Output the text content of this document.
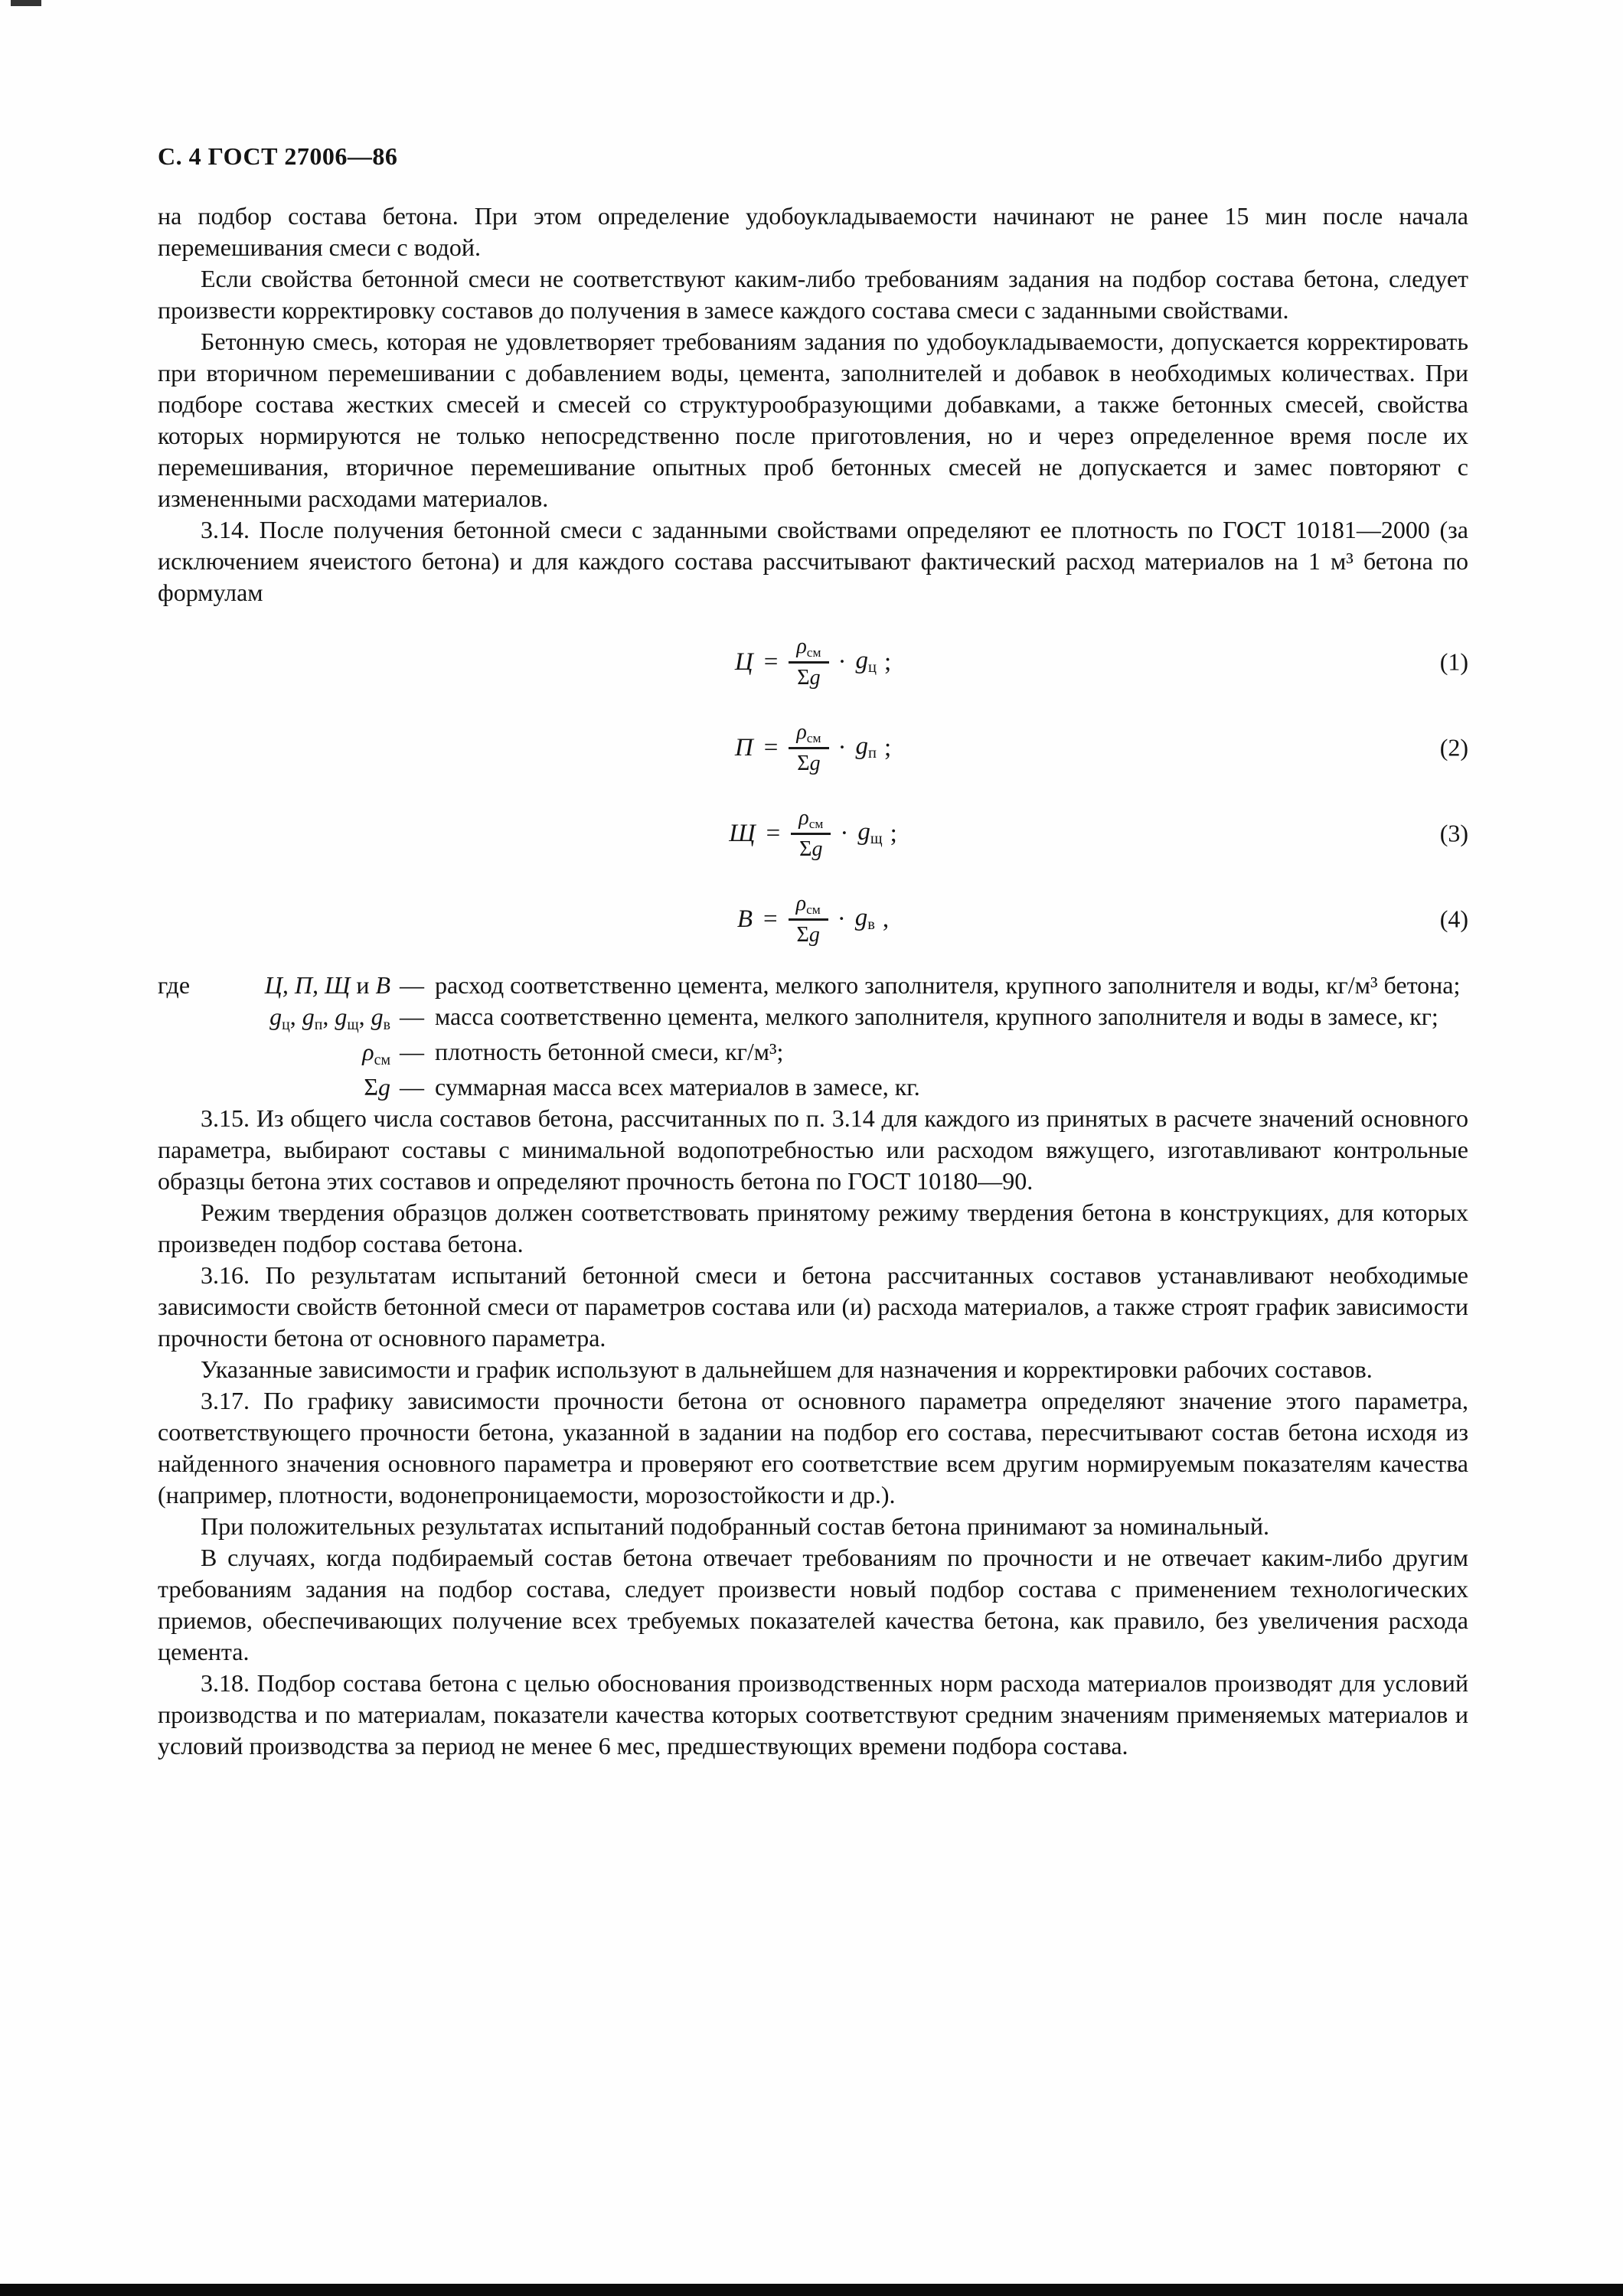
С. 4 ГОСТ 27006—86

на подбор состава бетона. При этом определение удобоукладываемости начинают не ранее 15 мин после начала перемешивания смеси с водой.

Если свойства бетонной смеси не соответствуют каким-либо требованиям задания на подбор состава бетона, следует произвести корректировку составов до получения в замесе каждого состава смеси с заданными свойствами.

Бетонную смесь, которая не удовлетворяет требованиям задания по удобоукладываемости, допускается корректировать при вторичном перемешивании с добавлением воды, цемента, заполнителей и добавок в необходимых количествах. При подборе состава жестких смесей и смесей со структурообразующими добавками, а также бетонных смесей, свойства которых нормируются не только непосредственно после приготовления, но и через определенное время после их перемешивания, вторичное перемешивание опытных проб бетонных смесей не допускается и замес повторяют с измененными расходами материалов.

3.14. После получения бетонной смеси с заданными свойствами определяют ее плотность по ГОСТ 10181—2000 (за исключением ячеистого бетона) и для каждого состава рассчитывают фактический расход материалов на 1 м³ бетона по формулам

$Ц = \frac{\rho_{см}}{\Sigma g} \cdot g_ц$ ;	(1)
$П = \frac{\rho_{см}}{\Sigma g} \cdot g_п$ ;	(2)
$Щ = \frac{\rho_{см}}{\Sigma g} \cdot g_щ$ ;	(3)
$В = \frac{\rho_{см}}{\Sigma g} \cdot g_в$ ,	(4)
где	Ц, П, Щ и В — расход соответственно цемента, мелкого заполнителя, крупного заполнителя и воды, кг/м³ бетона;
$g_ц$, $g_п$, $g_щ$, $g_в$ — масса соответственно цемента, мелкого заполнителя, крупного заполнителя и воды в замесе, кг;
$\rho_{см}$ — плотность бетонной смеси, кг/м³;
Σg — суммарная масса всех материалов в замесе, кг.

3.15. Из общего числа составов бетона, рассчитанных по п. 3.14 для каждого из принятых в расчете значений основного параметра, выбирают составы с минимальной водопотребностью или расходом вяжущего, изготавливают контрольные образцы бетона этих составов и определяют прочность бетона по ГОСТ 10180—90.

Режим твердения образцов должен соответствовать принятому режиму твердения бетона в конструкциях, для которых произведен подбор состава бетона.

3.16. По результатам испытаний бетонной смеси и бетона рассчитанных составов устанавливают необходимые зависимости свойств бетонной смеси от параметров состава или (и) расхода материалов, а также строят график зависимости прочности бетона от основного параметра.

Указанные зависимости и график используют в дальнейшем для назначения и корректировки рабочих составов.

3.17. По графику зависимости прочности бетона от основного параметра определяют значение этого параметра, соответствующего прочности бетона, указанной в задании на подбор его состава, пересчитывают состав бетона исходя из найденного значения основного параметра и проверяют его соответствие всем другим нормируемым показателям качества (например, плотности, водонепроницаемости, морозостойкости и др.).

При положительных результатах испытаний подобранный состав бетона принимают за номинальный.

В случаях, когда подбираемый состав бетона отвечает требованиям по прочности и не отвечает каким-либо другим требованиям задания на подбор состава, следует произвести новый подбор состава с применением технологических приемов, обеспечивающих получение всех требуемых показателей качества бетона, как правило, без увеличения расхода цемента.

3.18. Подбор состава бетона с целью обоснования производственных норм расхода материалов производят для условий производства и по материалам, показатели качества которых соответствуют средним значениям применяемых материалов и условий производства за период не менее 6 мес, предшествующих времени подбора состава.
